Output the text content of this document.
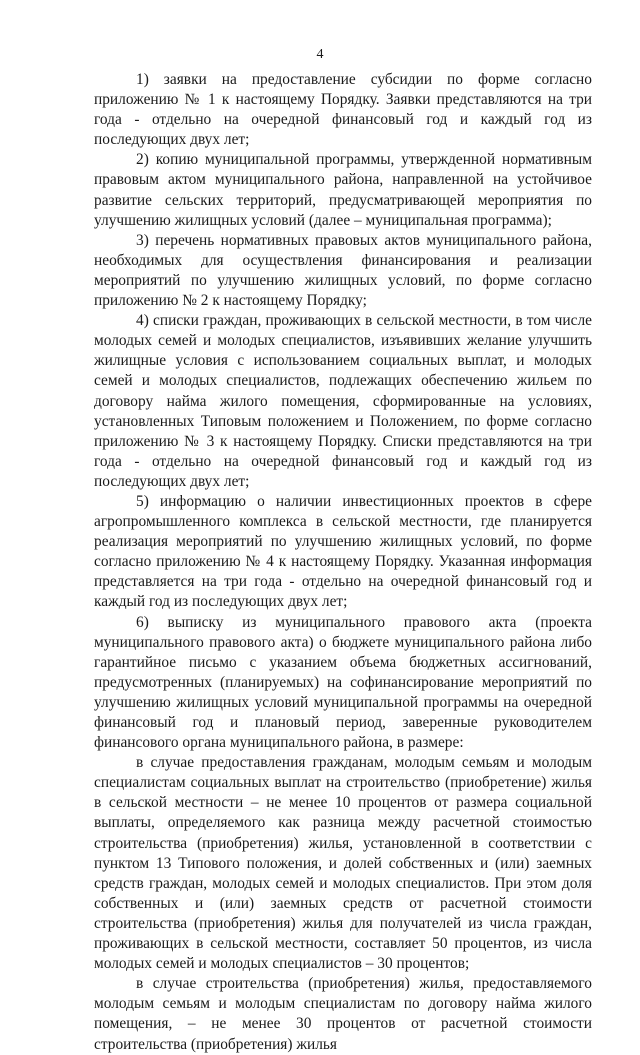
4

1) заявки на предоставление субсидии по форме согласно приложению № 1 к настоящему Порядку. Заявки представляются на три года - отдельно на очередной финансовый год и каждый год из последующих двух лет;

2) копию муниципальной программы, утвержденной нормативным правовым актом муниципального района, направленной на устойчивое развитие сельских территорий, предусматривающей мероприятия по улучшению жилищных условий (далее – муниципальная программа);

3) перечень нормативных правовых актов муниципального района, необходимых для осуществления финансирования и реализации мероприятий по улучшению жилищных условий, по форме согласно приложению № 2 к настоящему Порядку;

4) списки граждан, проживающих в сельской местности, в том числе молодых семей и молодых специалистов, изъявивших желание улучшить жилищные условия с использованием социальных выплат, и молодых семей и молодых специалистов, подлежащих обеспечению жильем по договору найма жилого помещения, сформированные на условиях, установленных Типовым положением и Положением, по форме согласно приложению № 3 к настоящему Порядку. Списки представляются на три года - отдельно на очередной финансовый год и каждый год из последующих двух лет;

5) информацию о наличии инвестиционных проектов в сфере агропромышленного комплекса в сельской местности, где планируется реализация мероприятий по улучшению жилищных условий, по форме согласно приложению № 4 к настоящему Порядку. Указанная информация представляется на три года - отдельно на очередной финансовый год и каждый год из последующих двух лет;

6) выписку из муниципального правового акта (проекта муниципального правового акта) о бюджете муниципального района либо гарантийное письмо с указанием объема бюджетных ассигнований, предусмотренных (планируемых) на софинансирование мероприятий по улучшению жилищных условий муниципальной программы на очередной финансовый год и плановый период, заверенные руководителем финансового органа муниципального района, в размере:

в случае предоставления гражданам, молодым семьям и молодым специалистам социальных выплат на строительство (приобретение) жилья в сельской местности – не менее 10 процентов от размера социальной выплаты, определяемого как разница между расчетной стоимостью строительства (приобретения) жилья, установленной в соответствии с пунктом 13 Типового положения, и долей собственных и (или) заемных средств граждан, молодых семей и молодых специалистов. При этом доля собственных и (или) заемных средств от расчетной стоимости строительства (приобретения) жилья для получателей из числа граждан, проживающих в сельской местности, составляет 50 процентов, из числа молодых семей и молодых специалистов – 30 процентов;

в случае строительства (приобретения) жилья, предоставляемого молодым семьям и молодым специалистам по договору найма жилого помещения, – не менее 30 процентов от расчетной стоимости строительства (приобретения) жилья
